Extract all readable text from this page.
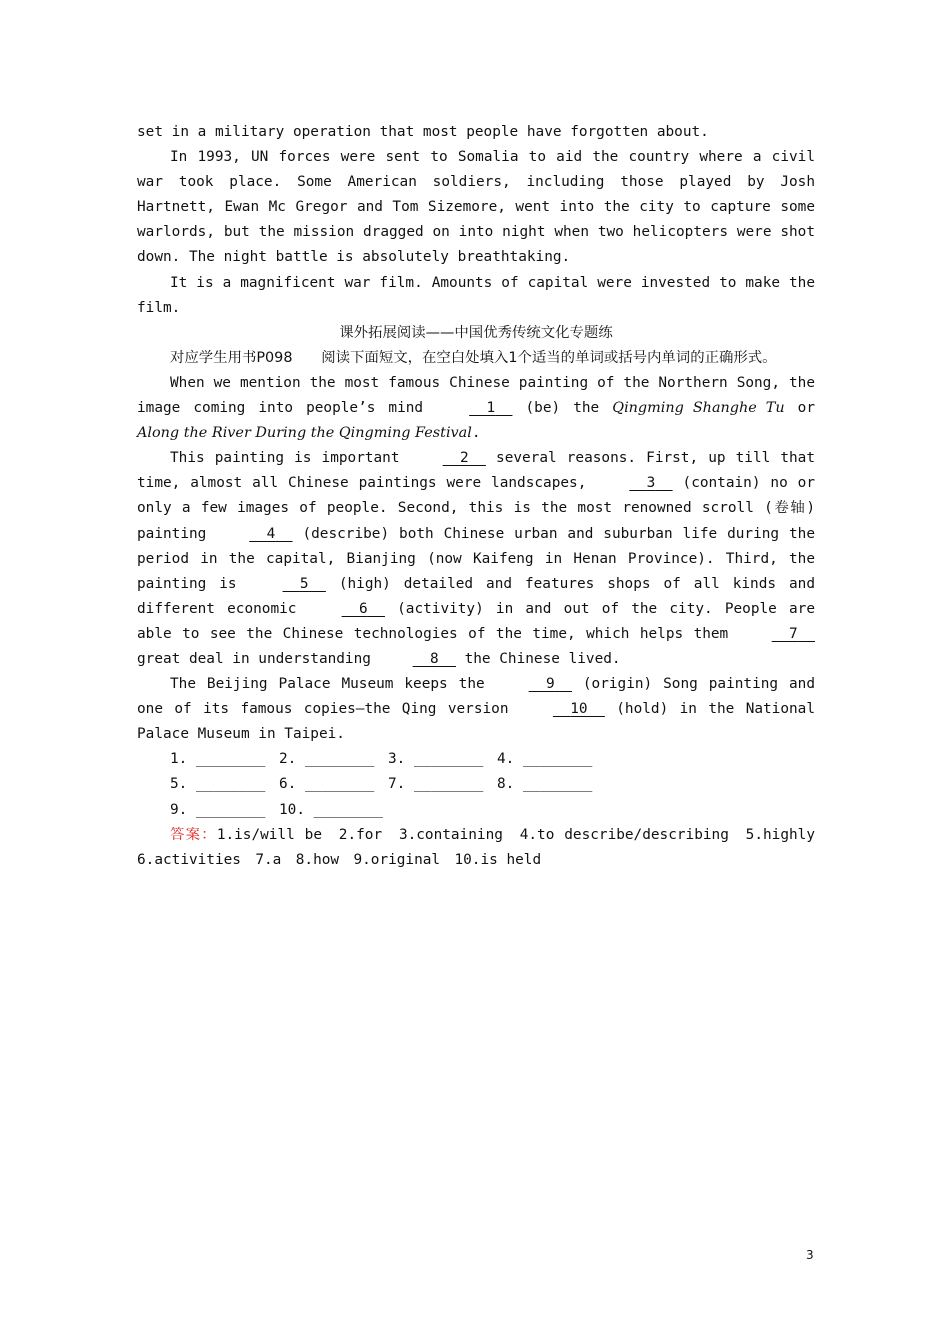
set in a military operation that most people have forgotten about.

In 1993, UN forces were sent to Somalia to aid the country where a civil war took place. Some American soldiers, including those played by Josh Hartnett, Ewan Mc Gregor and Tom Sizemore, went into the city to capture some warlords, but the mission dragged on into night when two helicopters were shot down. The night battle is absolutely breathtaking.

It is a magnificent war film. Amounts of capital were invested to make the film.

课外拓展阅读——中国优秀传统文化专题练

对应学生用书P098　　阅读下面短文，在空白处填入1个适当的单词或括号内单词的正确形式。

When we mention the most famous Chinese painting of the Northern Song, the image coming into people’s mind	1 (be) the Qingming Shanghe Tu or Along the River During the Qingming Festival.

This painting is important	2 several reasons. First, up till that time, almost all Chinese paintings were landscapes,	3 (contain) no or only a few images of people. Second, this is the most renowned scroll (卷轴) painting	4 (describe) both Chinese urban and suburban life during the period in the capital, Bianjing (now Kaifeng in Henan Province). Third, the painting is	5 (high) detailed and features shops of all kinds and different economic	6 (activity) in and out of the city. People are able to see the Chinese technologies of the time, which helps them	7   great deal in understanding	8 the Chinese lived.

The Beijing Palace Museum keeps the	9 (origin) Song painting and one of its famous copies—the Qing version	10 (hold) in the National Palace Museum in Taipei.

1. ________ 2. ________ 3. ________ 4. ________
5. ________ 6. ________ 7. ________ 8. ________
9. ________ 10. ________

答案：1.is/will be　2.for　3.containing　4.to describe/describing　5.highly　6.activities　7.a　8.how　9.original　10.is held

3
